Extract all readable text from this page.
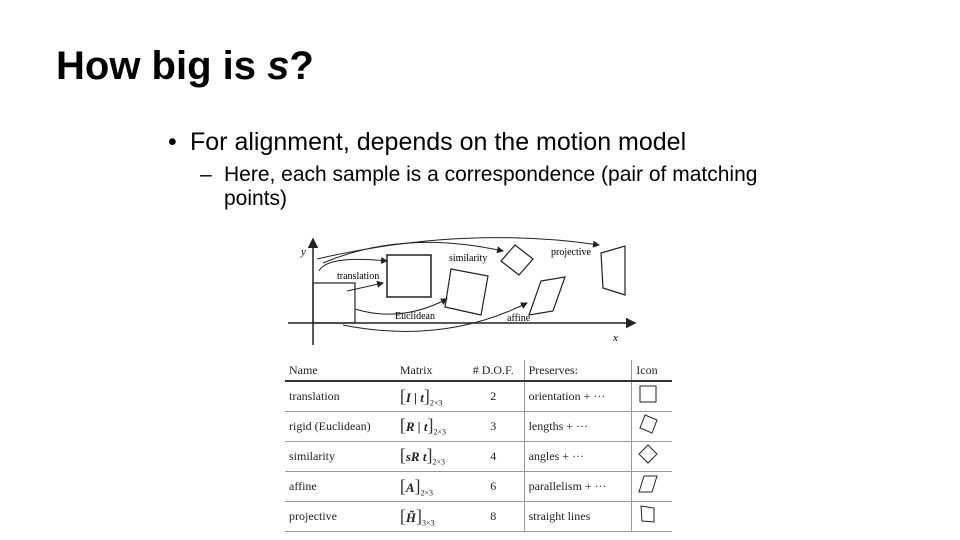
How big is s?
• For alignment, depends on the motion model
– Here, each sample is a correspondence (pair of matching points)
x
y
translation
Euclidean
similarity
affine
projective
Name	Matrix	# D.O.F.	Preserves:	Icon
translation	[I | $t]_{2\times 3}$	2	orientation + ···	
rigid (Euclidean)	[R | $t]_{2\times 3}$	3	lengths + ···	
similarity	[sR $t]_{2\times 3}$	4	angles + ···	
affine	$[A]_{2\times 3}$	6	parallelism + ···	
projective	$[H̃]_{3\times 3}$	8	straight lines	
